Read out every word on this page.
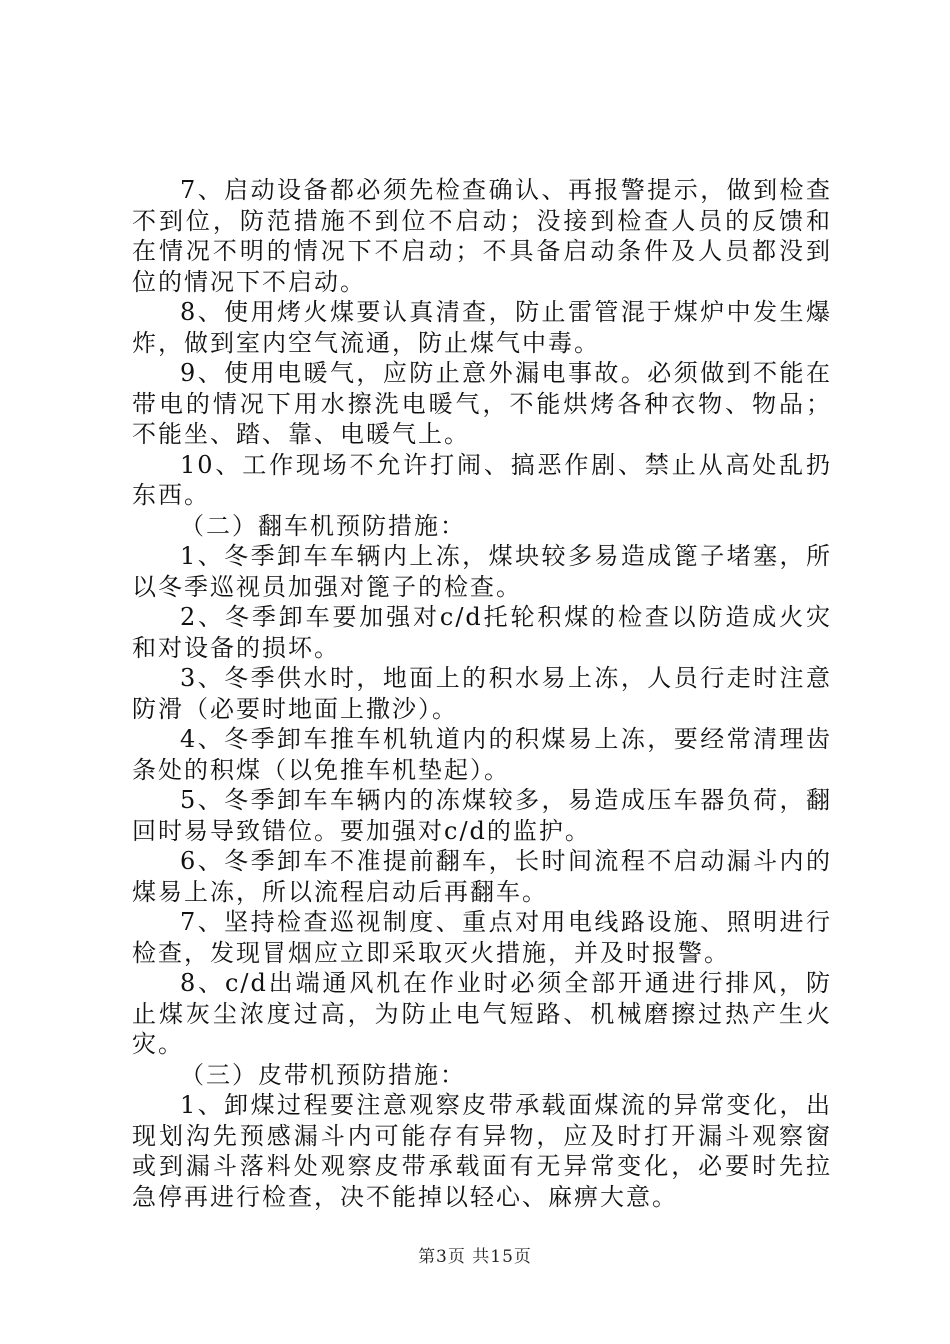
7、启动设备都必须先检查确认、再报警提示，做到检查不到位，防范措施不到位不启动；没接到检查人员的反馈和在情况不明的情况下不启动；不具备启动条件及人员都没到位的情况下不启动。

8、使用烤火煤要认真清查，防止雷管混于煤炉中发生爆炸，做到室内空气流通，防止煤气中毒。

9、使用电暖气，应防止意外漏电事故。必须做到不能在带电的情况下用水擦洗电暖气，不能烘烤各种衣物、物品；不能坐、踏、靠、电暖气上。

10、工作现场不允许打闹、搞恶作剧、禁止从高处乱扔东西。

（二）翻车机预防措施：

1、冬季卸车车辆内上冻，煤块较多易造成篦子堵塞，所以冬季巡视员加强对篦子的检查。

2、冬季卸车要加强对c/d托轮积煤的检查以防造成火灾和对设备的损坏。

3、冬季供水时，地面上的积水易上冻，人员行走时注意防滑（必要时地面上撒沙）。

4、冬季卸车推车机轨道内的积煤易上冻，要经常清理齿条处的积煤（以免推车机垫起）。

5、冬季卸车车辆内的冻煤较多，易造成压车器负荷，翻回时易导致错位。要加强对c/d的监护。

6、冬季卸车不准提前翻车，长时间流程不启动漏斗内的煤易上冻，所以流程启动后再翻车。

7、坚持检查巡视制度、重点对用电线路设施、照明进行检查，发现冒烟应立即采取灭火措施，并及时报警。

8、c/d出端通风机在作业时必须全部开通进行排风，防止煤灰尘浓度过高，为防止电气短路、机械磨擦过热产生火灾。

（三）皮带机预防措施：

1、卸煤过程要注意观察皮带承载面煤流的异常变化，出现划沟先预感漏斗内可能存有异物，应及时打开漏斗观察窗或到漏斗落料处观察皮带承载面有无异常变化，必要时先拉急停再进行检查，决不能掉以轻心、麻痹大意。

第3页 共15页
